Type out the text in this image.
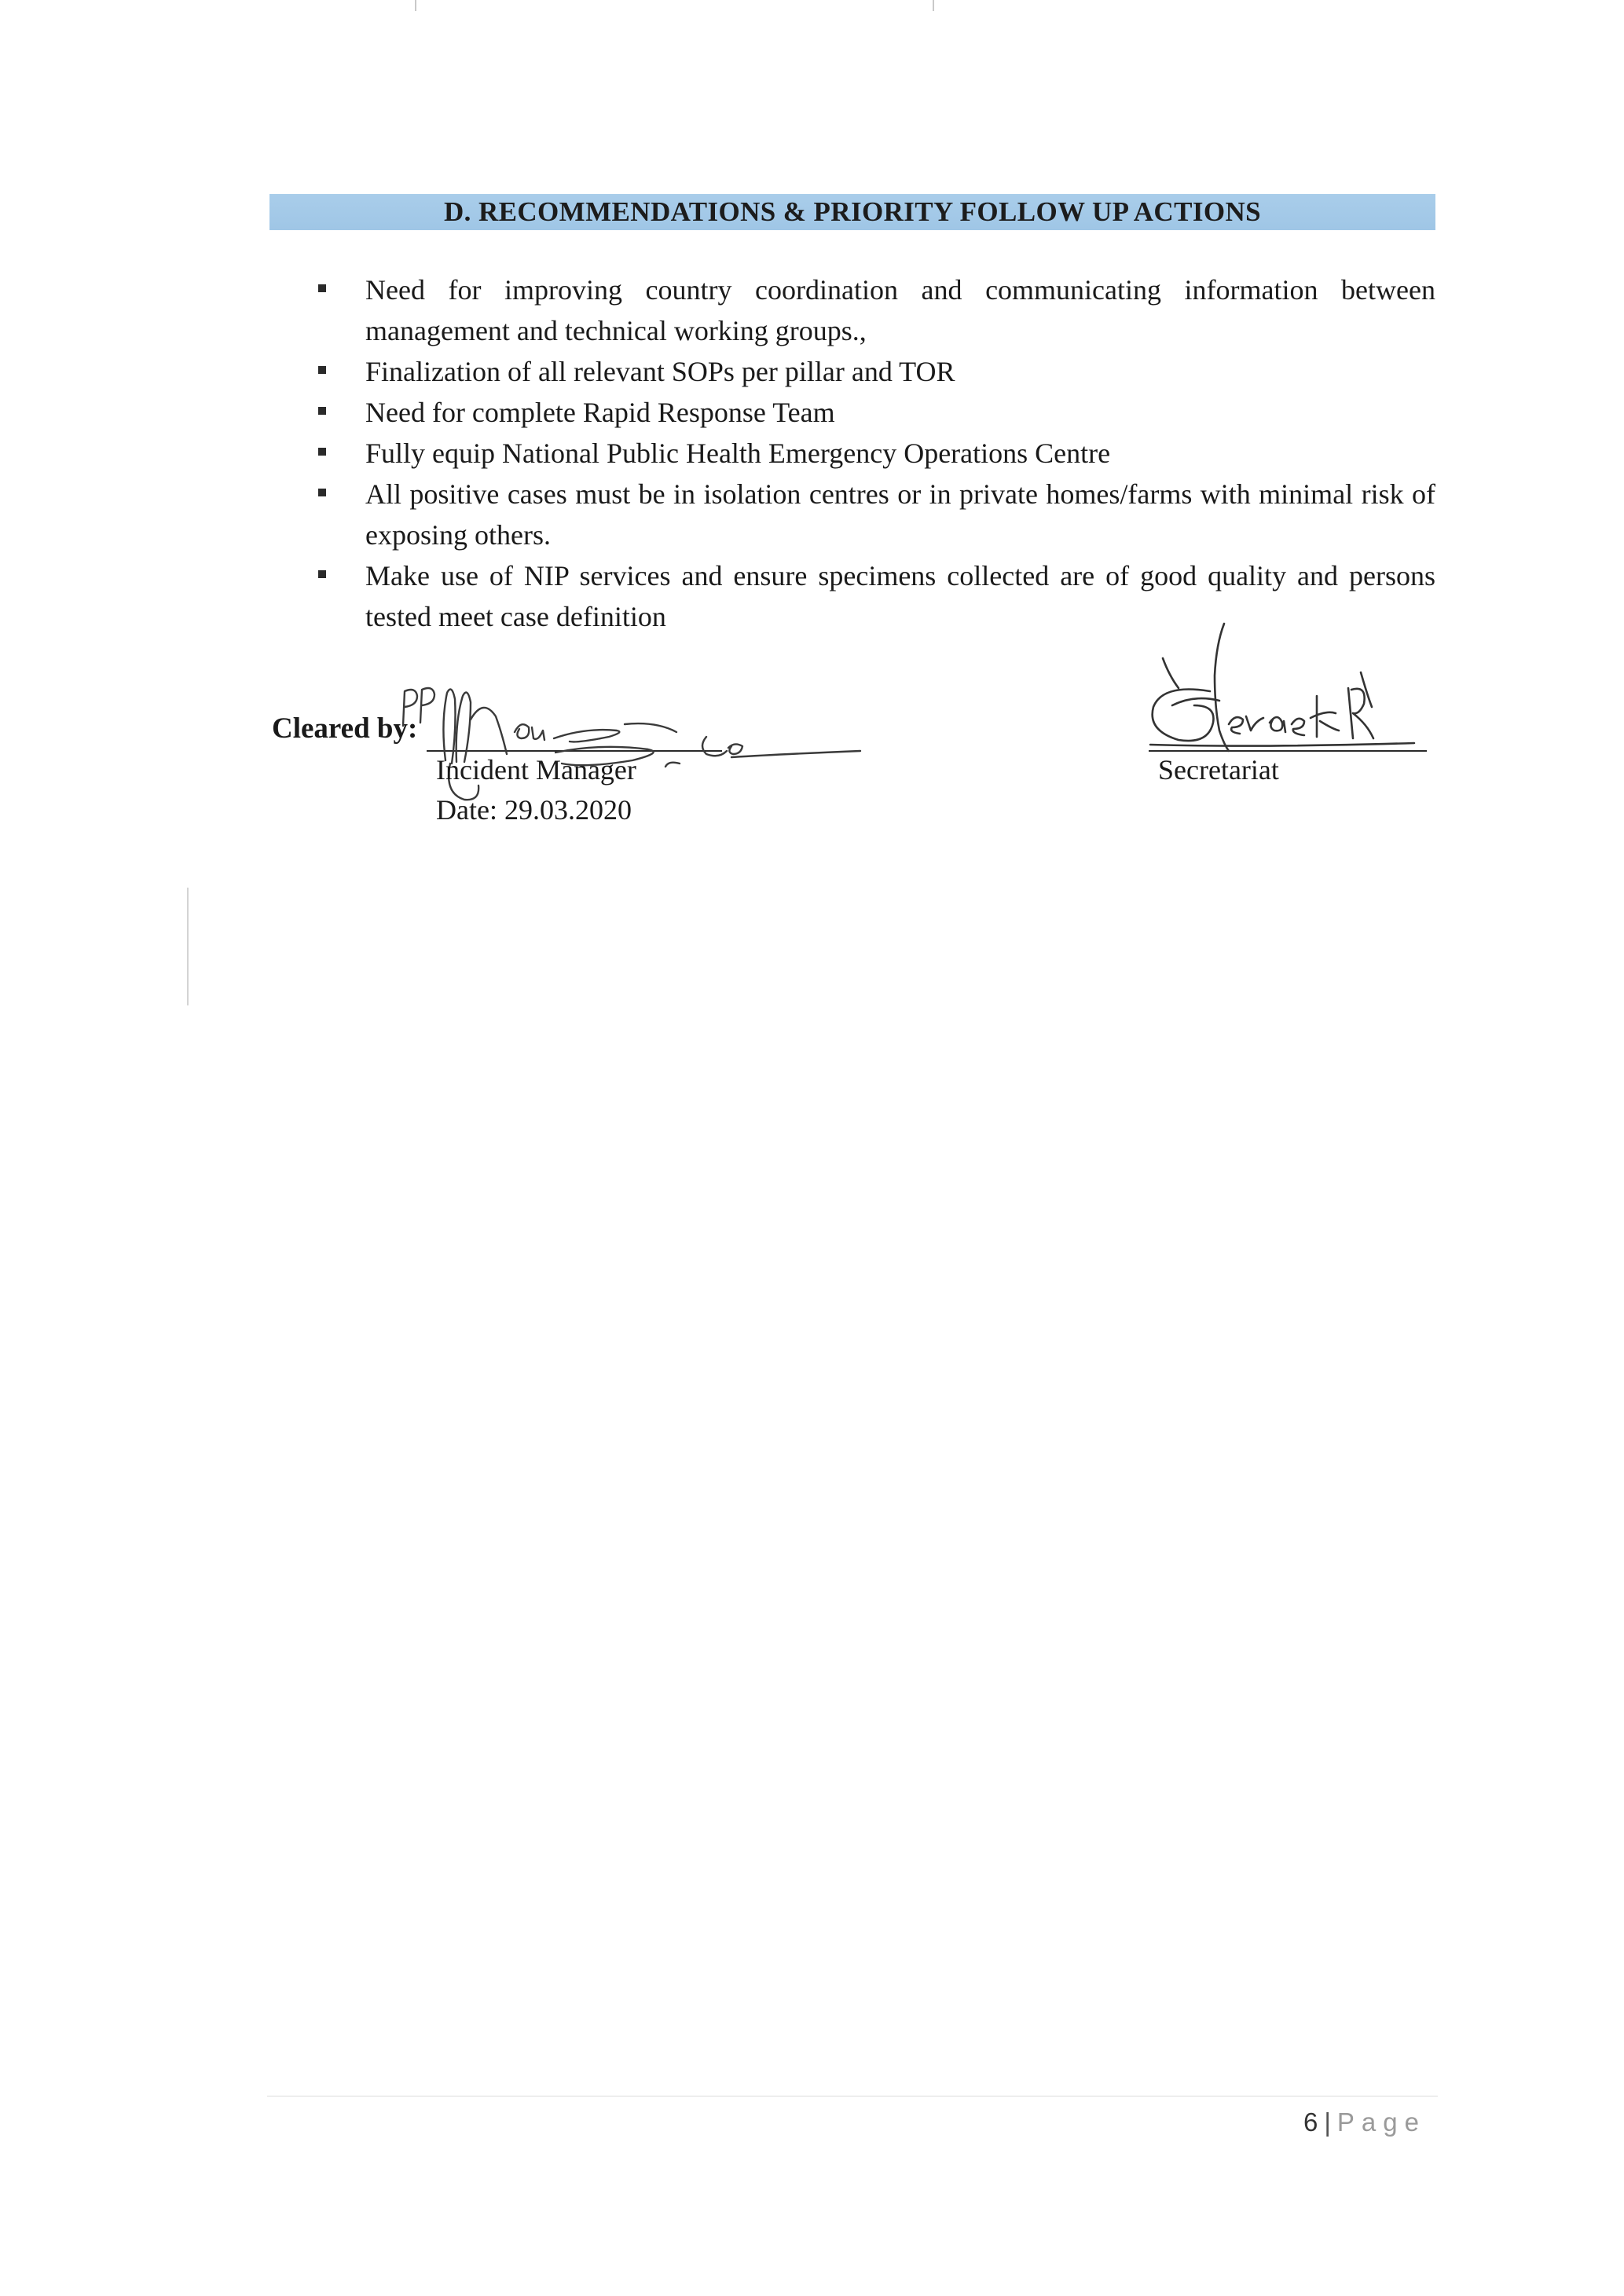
D. RECOMMENDATIONS & PRIORITY FOLLOW UP ACTIONS
Need for improving country coordination and communicating information between management and technical working groups.,
Finalization of all relevant SOPs per pillar and TOR
Need for complete Rapid Response Team
Fully equip National Public Health Emergency Operations Centre
All positive cases must be in isolation centres or in private homes/farms with minimal risk of exposing others.
Make use of NIP services and ensure specimens collected are of good quality and persons tested meet case definition
Cleared by:
Incident Manager
Date: 29.03.2020
Secretariat
6 | Page
